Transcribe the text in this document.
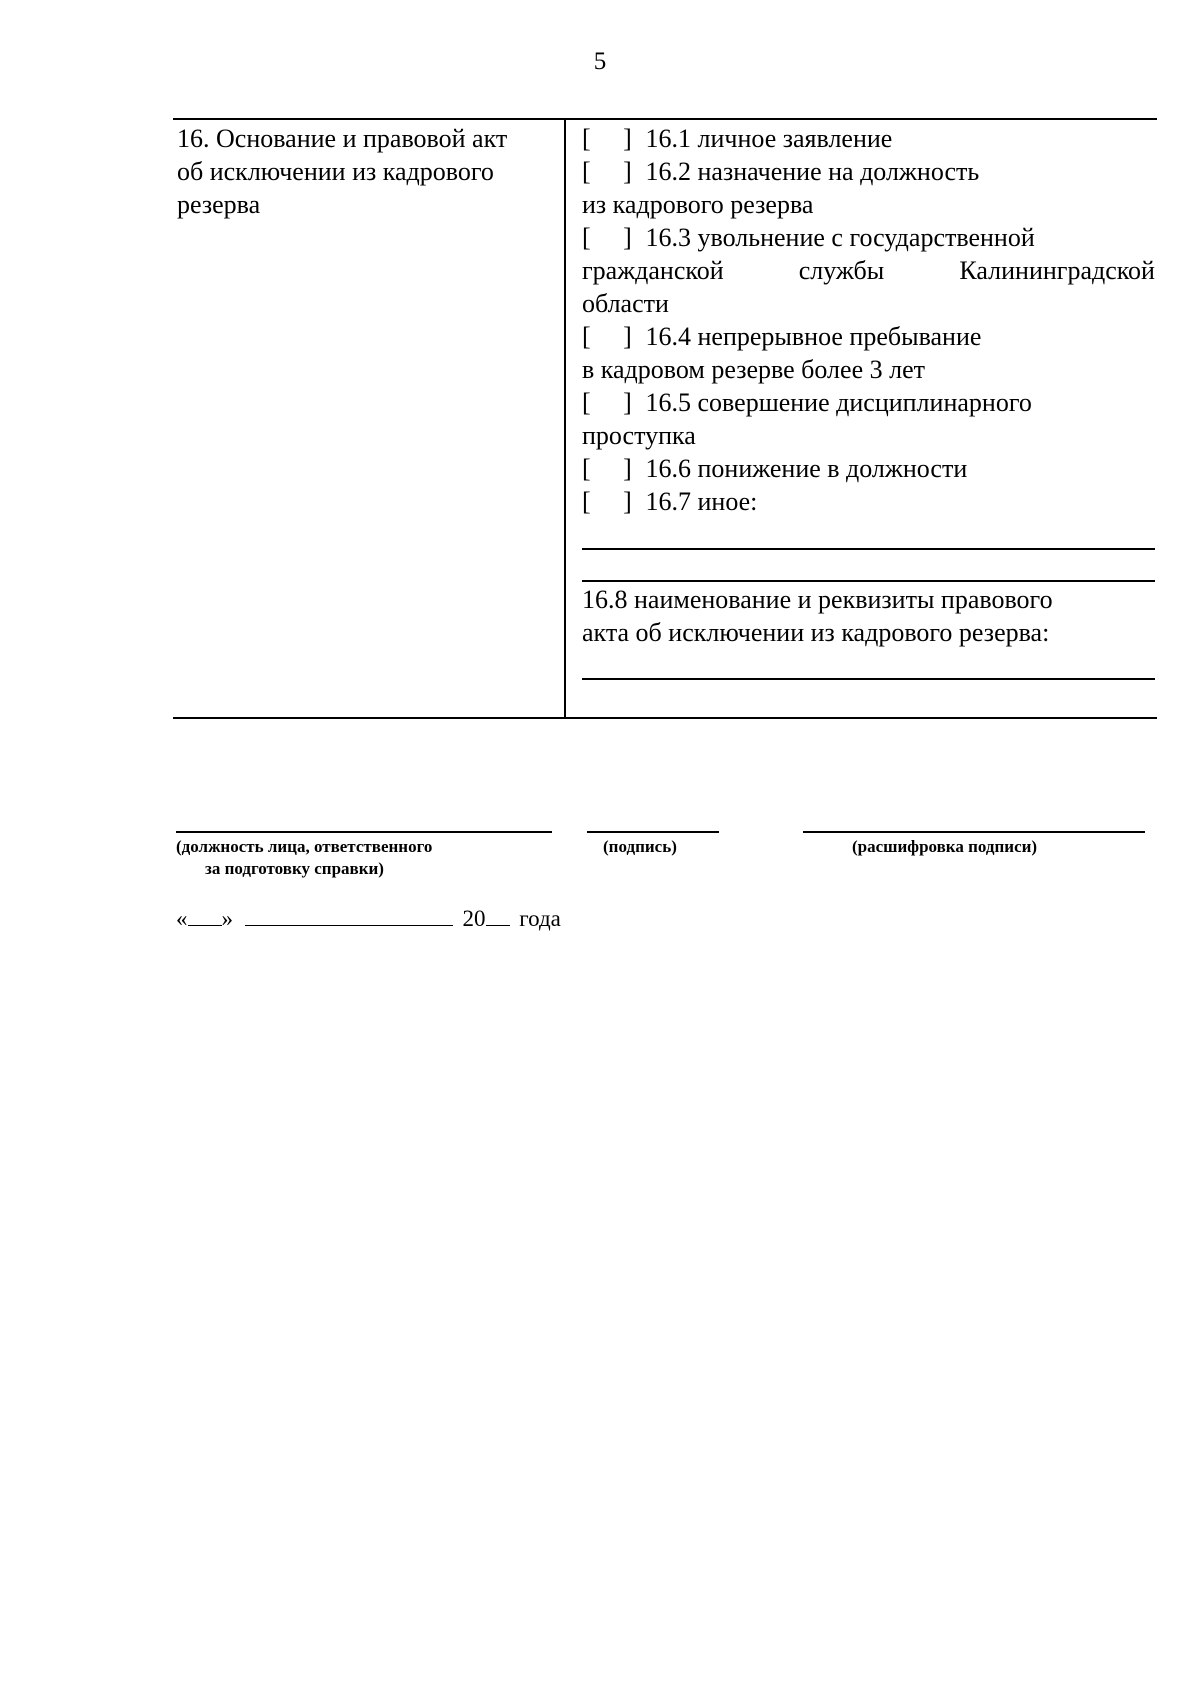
5
16. Основание и правовой акт
об исключении из кадрового
резерва
[ ] 16.1 личное заявление
[ ] 16.2 назначение на должность
из кадрового резерва
[ ] 16.3 увольнение с государственной
гражданской	службы	Калининградской
области
[ ] 16.4 непрерывное пребывание
в кадровом резерве более 3 лет
[ ] 16.5 совершение дисциплинарного
проступка
[ ] 16.6 понижение в должности
[ ] 16.7 иное:
16.8 наименование и реквизиты правового
акта об исключении из кадрового резерва:
(должность лица, ответственного
за подготовку справки)
(подпись)	(расшифровка подписи)
« »	20 года
